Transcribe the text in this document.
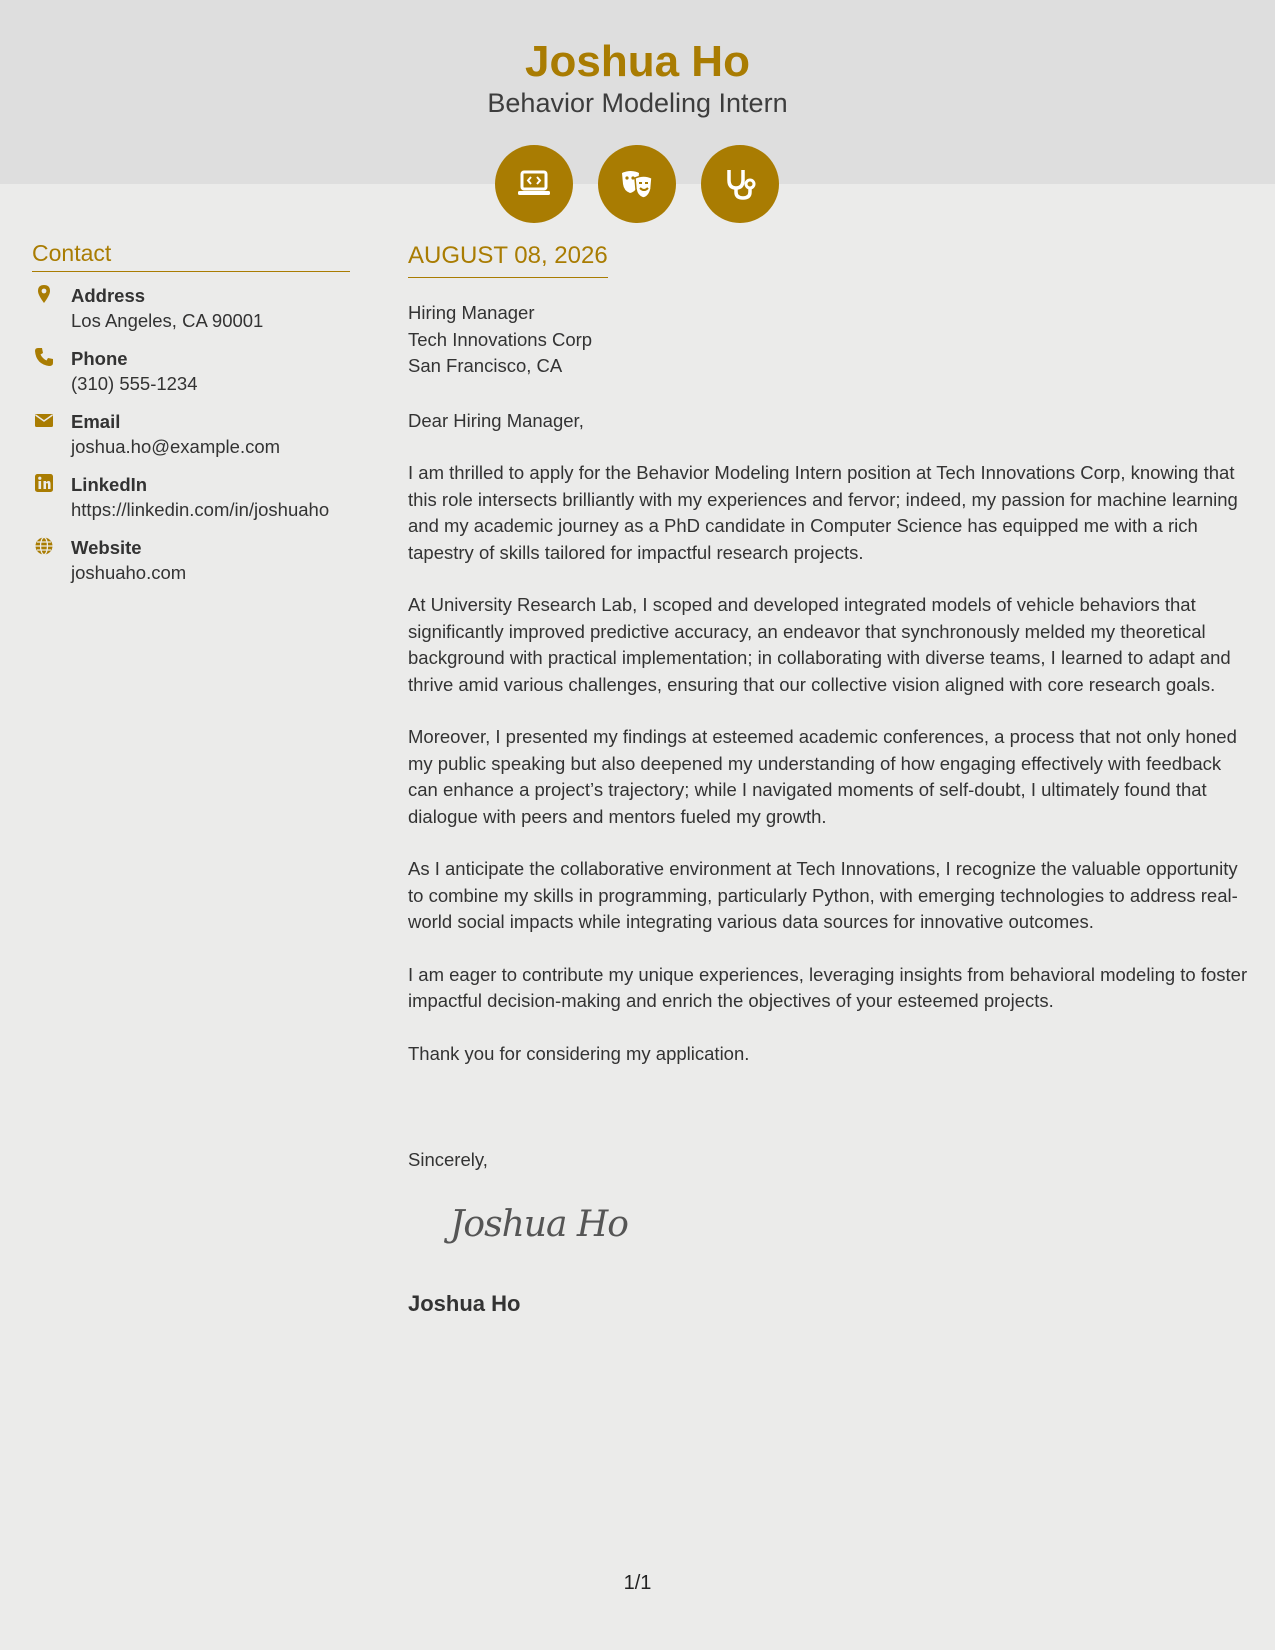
Joshua Ho
Behavior Modeling Intern
Contact
Address
Los Angeles, CA 90001
Phone
(310) 555-1234
Email
joshua.ho@example.com
LinkedIn
https://linkedin.com/in/joshuaho
Website
joshuaho.com
AUGUST 08, 2026
Hiring Manager
Tech Innovations Corp
San Francisco, CA
Dear Hiring Manager,

I am thrilled to apply for the Behavior Modeling Intern position at Tech Innovations Corp, knowing that this role intersects brilliantly with my experiences and fervor; indeed, my passion for machine learning and my academic journey as a PhD candidate in Computer Science has equipped me with a rich tapestry of skills tailored for impactful research projects.

At University Research Lab, I scoped and developed integrated models of vehicle behaviors that significantly improved predictive accuracy, an endeavor that synchronously melded my theoretical background with practical implementation; in collaborating with diverse teams, I learned to adapt and thrive amid various challenges, ensuring that our collective vision aligned with core research goals.

Moreover, I presented my findings at esteemed academic conferences, a process that not only honed my public speaking but also deepened my understanding of how engaging effectively with feedback can enhance a project’s trajectory; while I navigated moments of self-doubt, I ultimately found that dialogue with peers and mentors fueled my growth.

As I anticipate the collaborative environment at Tech Innovations, I recognize the valuable opportunity to combine my skills in programming, particularly Python, with emerging technologies to address real-world social impacts while integrating various data sources for innovative outcomes.

I am eager to contribute my unique experiences, leveraging insights from behavioral modeling to foster impactful decision-making and enrich the objectives of your esteemed projects.

Thank you for considering my application.

Sincerely,
Joshua Ho
Joshua Ho
1/1
